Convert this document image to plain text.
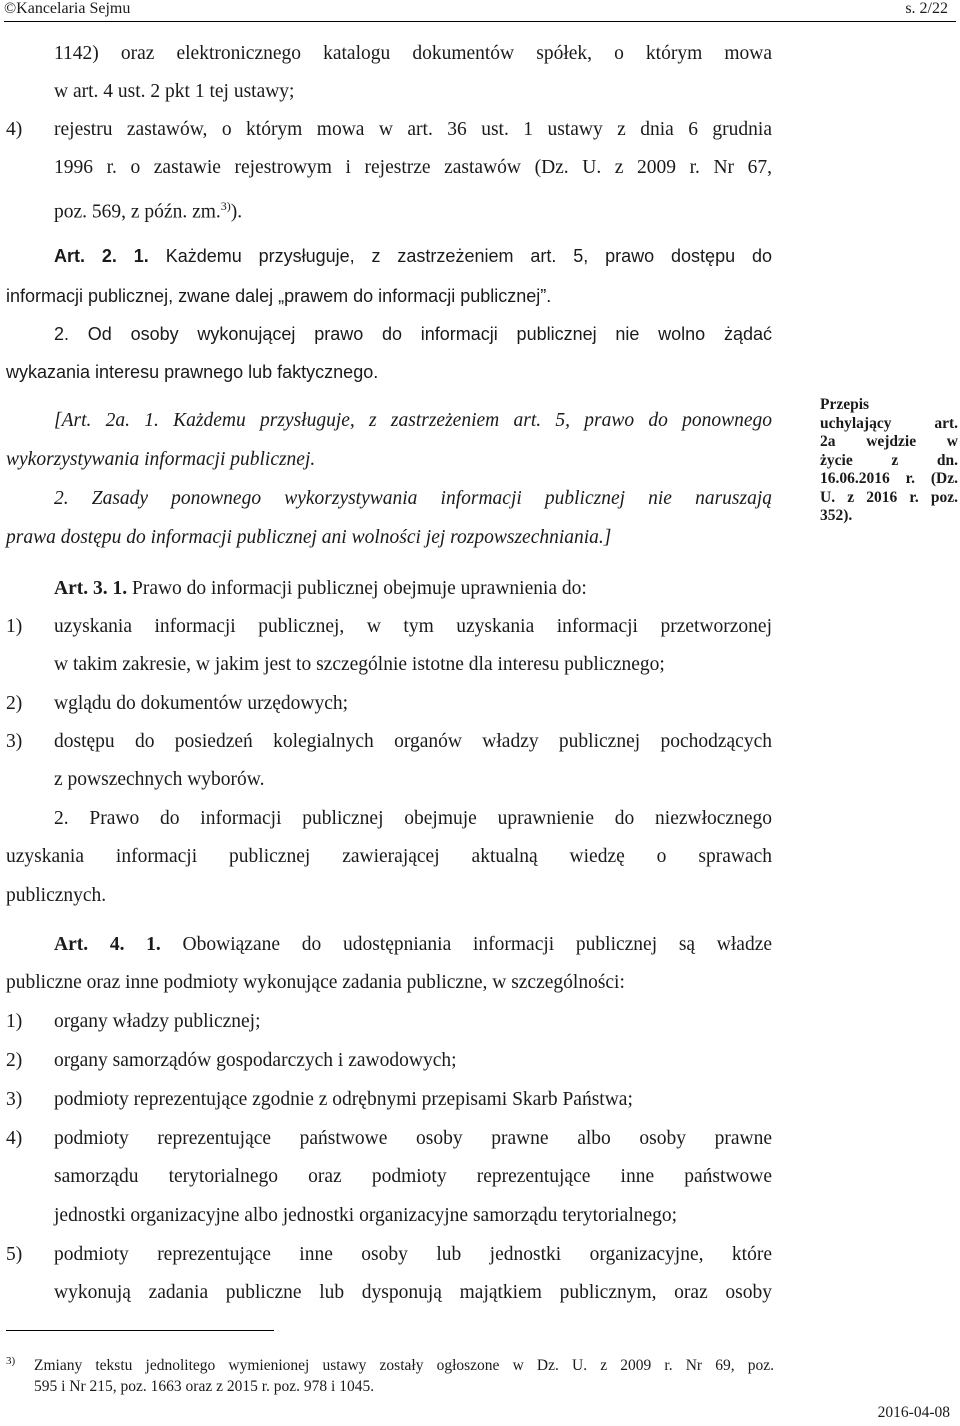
©Kancelaria Sejmu	s. 2/22
1142) oraz elektronicznego katalogu dokumentów spółek, o którym mowa
w art. 4 ust. 2 pkt 1 tej ustawy;
4) rejestru zastawów, o którym mowa w art. 36 ust. 1 ustawy z dnia 6 grudnia
1996 r. o zastawie rejestrowym i rejestrze zastawów (Dz. U. z 2009 r. Nr 67,
poz. 569, z późn. zm.$^{3)}$).
Art. 2. 1. Każdemu przysługuje, z zastrzeżeniem art. 5, prawo dostępu do
informacji publicznej, zwane dalej „prawem do informacji publicznej”.
2. Od osoby wykonującej prawo do informacji publicznej nie wolno żądać
wykazania interesu prawnego lub faktycznego.
[Art. 2a. 1. Każdemu przysługuje, z zastrzeżeniem art. 5, prawo do ponownego
wykorzystywania informacji publicznej.
2. Zasady ponownego wykorzystywania informacji publicznej nie naruszają
prawa dostępu do informacji publicznej ani wolności jej rozpowszechniania.]
Przepis
uchylający art.
2a wejdzie w
życie z dn.
16.06.2016 r. (Dz.
U. z 2016 r. poz.
352).
Art. 3. 1. Prawo do informacji publicznej obejmuje uprawnienia do:
1) uzyskania informacji publicznej, w tym uzyskania informacji przetworzonej
w takim zakresie, w jakim jest to szczególnie istotne dla interesu publicznego;
2) wglądu do dokumentów urzędowych;
3) dostępu do posiedzeń kolegialnych organów władzy publicznej pochodzących
z powszechnych wyborów.
2. Prawo do informacji publicznej obejmuje uprawnienie do niezwłocznego
uzyskania informacji publicznej zawierającej aktualną wiedzę o sprawach
publicznych.
Art. 4. 1. Obowiązane do udostępniania informacji publicznej są władze
publiczne oraz inne podmioty wykonujące zadania publiczne, w szczególności:
1) organy władzy publicznej;
2) organy samorządów gospodarczych i zawodowych;
3) podmioty reprezentujące zgodnie z odrębnymi przepisami Skarb Państwa;
4) podmioty reprezentujące państwowe osoby prawne albo osoby prawne
samorządu terytorialnego oraz podmioty reprezentujące inne państwowe
jednostki organizacyjne albo jednostki organizacyjne samorządu terytorialnego;
5) podmioty reprezentujące inne osoby lub jednostki organizacyjne, które
wykonują zadania publiczne lub dysponują majątkiem publicznym, oraz osoby
3) Zmiany tekstu jednolitego wymienionej ustawy zostały ogłoszone w Dz. U. z 2009 r. Nr 69, poz.
595 i Nr 215, poz. 1663 oraz z 2015 r. poz. 978 i 1045.
2016-04-08
